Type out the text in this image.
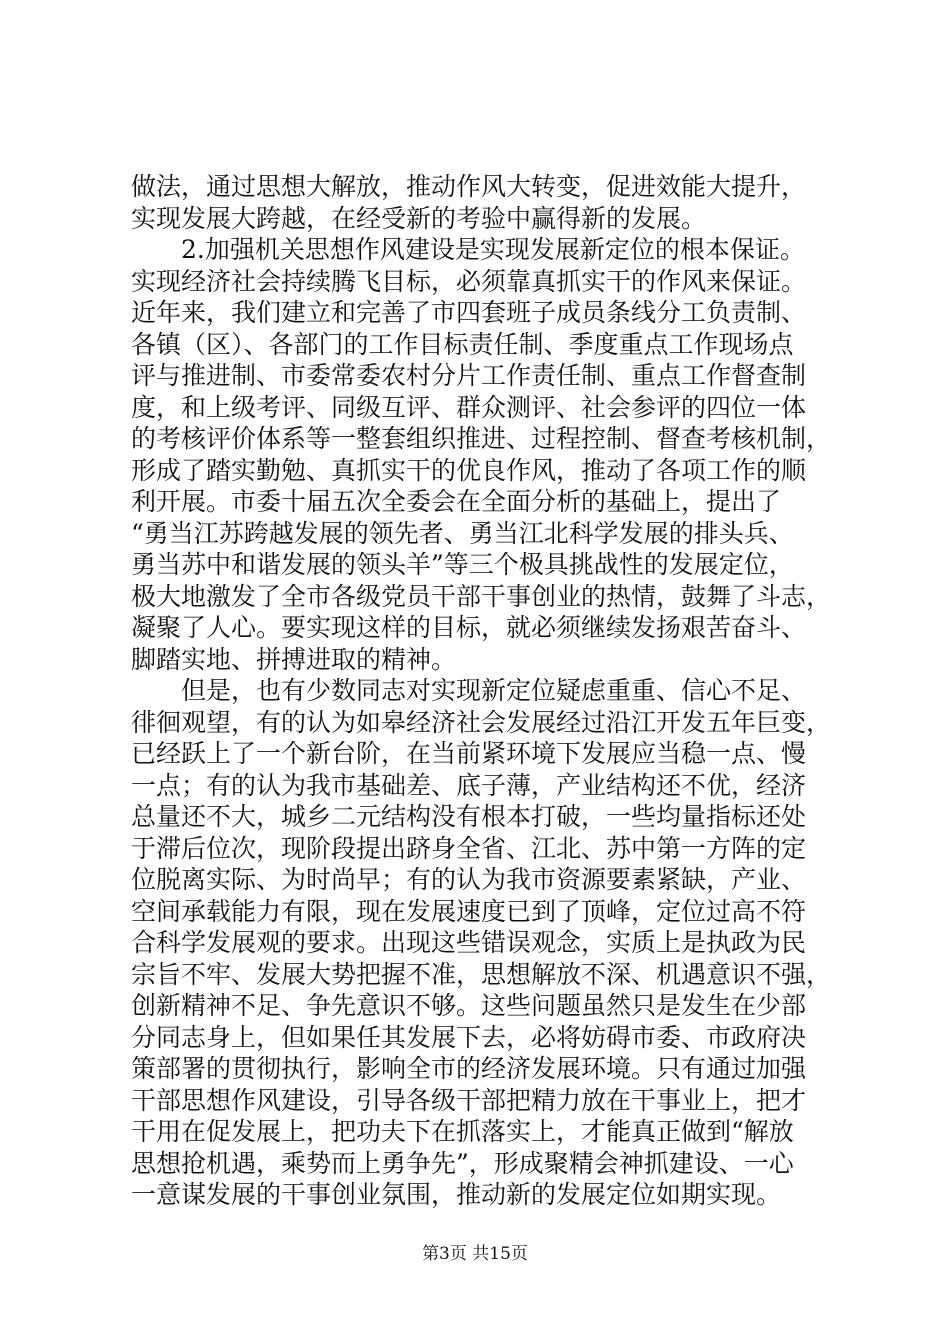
做法，通过思想大解放，推动作风大转变，促进效能大提升，
实现发展大跨越，在经受新的考验中赢得新的发展。
2.加强机关思想作风建设是实现发展新定位的根本保证。
实现经济社会持续腾飞目标，必须靠真抓实干的作风来保证。
近年来，我们建立和完善了市四套班子成员条线分工负责制、
各镇（区）、各部门的工作目标责任制、季度重点工作现场点
评与推进制、市委常委农村分片工作责任制、重点工作督查制
度，和上级考评、同级互评、群众测评、社会参评的四位一体
的考核评价体系等一整套组织推进、过程控制、督查考核机制，
形成了踏实勤勉、真抓实干的优良作风，推动了各项工作的顺
利开展。市委十届五次全委会在全面分析的基础上，提出了
“勇当江苏跨越发展的领先者、勇当江北科学发展的排头兵、
勇当苏中和谐发展的领头羊”等三个极具挑战性的发展定位，
极大地激发了全市各级党员干部干事创业的热情，鼓舞了斗志，
凝聚了人心。要实现这样的目标，就必须继续发扬艰苦奋斗、
脚踏实地、拼搏进取的精神。
但是，也有少数同志对实现新定位疑虑重重、信心不足、
徘徊观望，有的认为如皋经济社会发展经过沿江开发五年巨变，
已经跃上了一个新台阶，在当前紧环境下发展应当稳一点、慢
一点；有的认为我市基础差、底子薄，产业结构还不优，经济
总量还不大，城乡二元结构没有根本打破，一些均量指标还处
于滞后位次，现阶段提出跻身全省、江北、苏中第一方阵的定
位脱离实际、为时尚早；有的认为我市资源要素紧缺，产业、
空间承载能力有限，现在发展速度已到了顶峰，定位过高不符
合科学发展观的要求。出现这些错误观念，实质上是执政为民
宗旨不牢、发展大势把握不准，思想解放不深、机遇意识不强，
创新精神不足、争先意识不够。这些问题虽然只是发生在少部
分同志身上，但如果任其发展下去，必将妨碍市委、市政府决
策部署的贯彻执行，影响全市的经济发展环境。只有通过加强
干部思想作风建设，引导各级干部把精力放在干事业上，把才
干用在促发展上，把功夫下在抓落实上，才能真正做到“解放
思想抢机遇，乘势而上勇争先”，形成聚精会神抓建设、一心
一意谋发展的干事创业氛围，推动新的发展定位如期实现。
第3页 共15页
